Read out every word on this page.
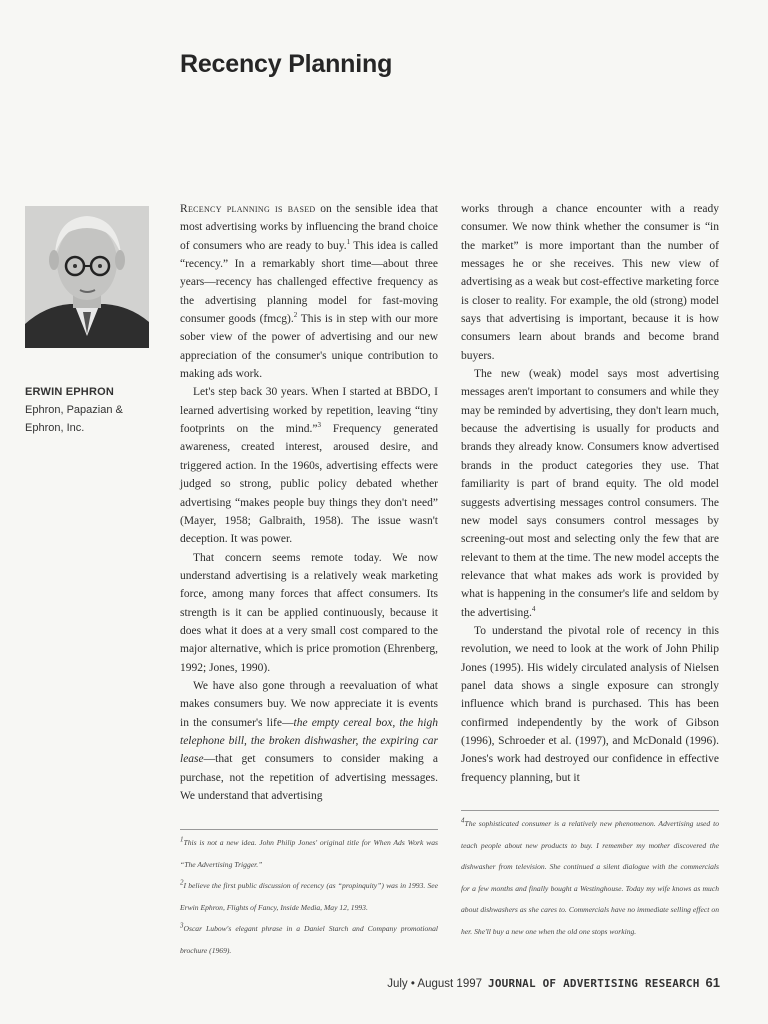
Recency Planning
ERWIN EPHRON
Ephron, Papazian &
Ephron, Inc.

Recency planning is based on the sensible idea that most advertising works by influencing the brand choice of consumers who are ready to buy.$^1$ This idea is called “recency.” In a remarkably short time—about three years—recency has challenged effective frequency as the advertising planning model for fast-moving consumer goods (fmcg).$^2$ This is in step with our more sober view of the power of advertising and our new appreciation of the consumer's unique contribution to making ads work.

Let's step back 30 years. When I started at BBDO, I learned advertising worked by repetition, leaving “tiny footprints on the mind.”$^3$ Frequency generated awareness, created interest, aroused desire, and triggered action. In the 1960s, advertising effects were judged so strong, public policy debated whether advertising “makes people buy things they don't need” (Mayer, 1958; Galbraith, 1958). The issue wasn't deception. It was power.

That concern seems remote today. We now understand advertising is a relatively weak marketing force, among many forces that affect consumers. Its strength is it can be applied continuously, because it does what it does at a very small cost compared to the major alternative, which is price promotion (Ehrenberg, 1992; Jones, 1990).

We have also gone through a reevaluation of what makes consumers buy. We now appreciate it is events in the consumer's life—the empty cereal box, the high telephone bill, the broken dishwasher, the expiring car lease—that get consumers to consider making a purchase, not the repetition of advertising messages. We understand that advertising

works through a chance encounter with a ready consumer. We now think whether the consumer is “in the market” is more important than the number of messages he or she receives. This new view of advertising as a weak but cost-effective marketing force is closer to reality. For example, the old (strong) model says that advertising is important, because it is how consumers learn about brands and become brand buyers.

The new (weak) model says most advertising messages aren't important to consumers and while they may be reminded by advertising, they don't learn much, because the advertising is usually for products and brands they already know. Consumers know advertised brands in the product categories they use. That familiarity is part of brand equity. The old model suggests advertising messages control consumers. The new model says consumers control messages by screening-out most and selecting only the few that are relevant to them at the time. The new model accepts the relevance that what makes ads work is provided by what is happening in the consumer's life and seldom by the advertising.$^4$

To understand the pivotal role of recency in this revolution, we need to look at the work of John Philip Jones (1995). His widely circulated analysis of Nielsen panel data shows a single exposure can strongly influence which brand is purchased. This has been confirmed independently by the work of Gibson (1996), Schroeder et al. (1997), and McDonald (1996). Jones's work had destroyed our confidence in effective frequency planning, but it

1This is not a new idea. John Philip Jones' original title for When Ads Work was “The Advertising Trigger.”

2I believe the first public discussion of recency (as “propinquity”) was in 1993. See Erwin Ephron, Flights of Fancy, Inside Media, May 12, 1993.

3Oscar Lubow's elegant phrase in a Daniel Starch and Company promotional brochure (1969).

4The sophisticated consumer is a relatively new phenomenon. Advertising used to teach people about new products to buy. I remember my mother discovered the dishwasher from television. She continued a silent dialogue with the commercials for a few months and finally bought a Westinghouse. Today my wife knows as much about dishwashers as she cares to. Commercials have no immediate selling effect on her. She'll buy a new one when the old one stops working.

July • August 1997 JOURNAL OF ADVERTISING RESEARCH 61
